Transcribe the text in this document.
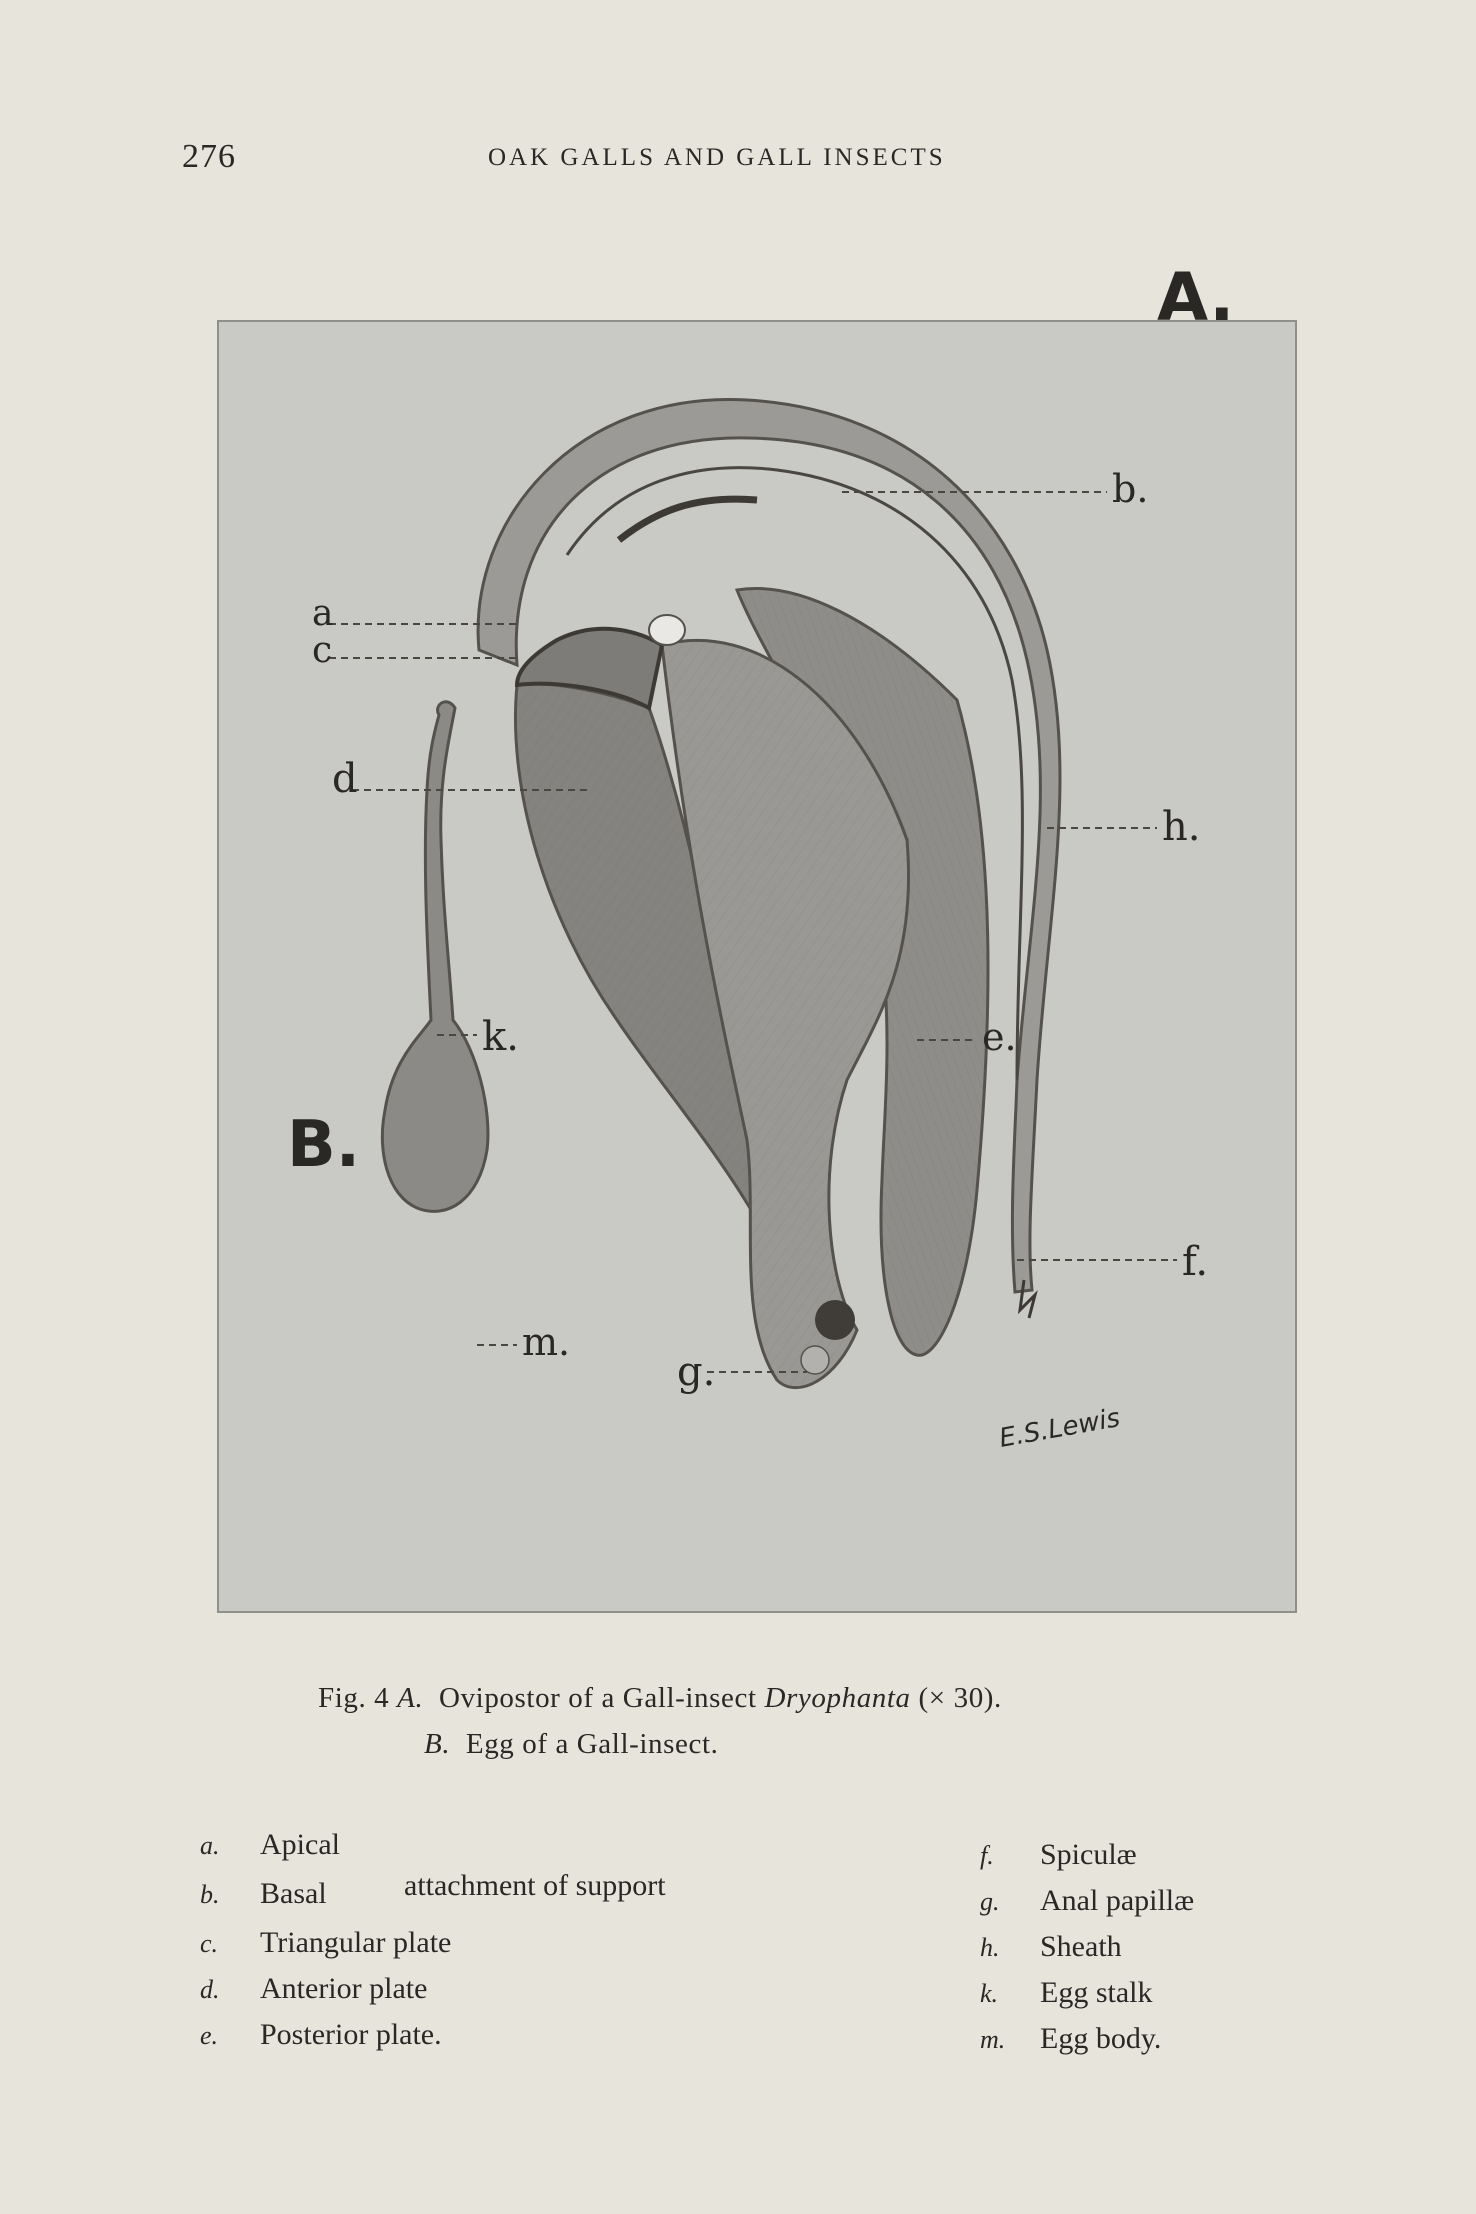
276	OAK GALLS AND GALL INSECTS
a
c
d
b.
h.
k.	e.
f.
m.
g.
A.
B.
E.S.Lewis
Fig. 4 A. Ovipostor of a Gall-insect Dryophanta (× 30).
B. Egg of a Gall-insect.
a. Apical
b. Basal	attachment of support
c. Triangular plate
d. Anterior plate
e. Posterior plate.
f. Spiculæ
g. Anal papillæ
h. Sheath
k. Egg stalk
m. Egg body.
